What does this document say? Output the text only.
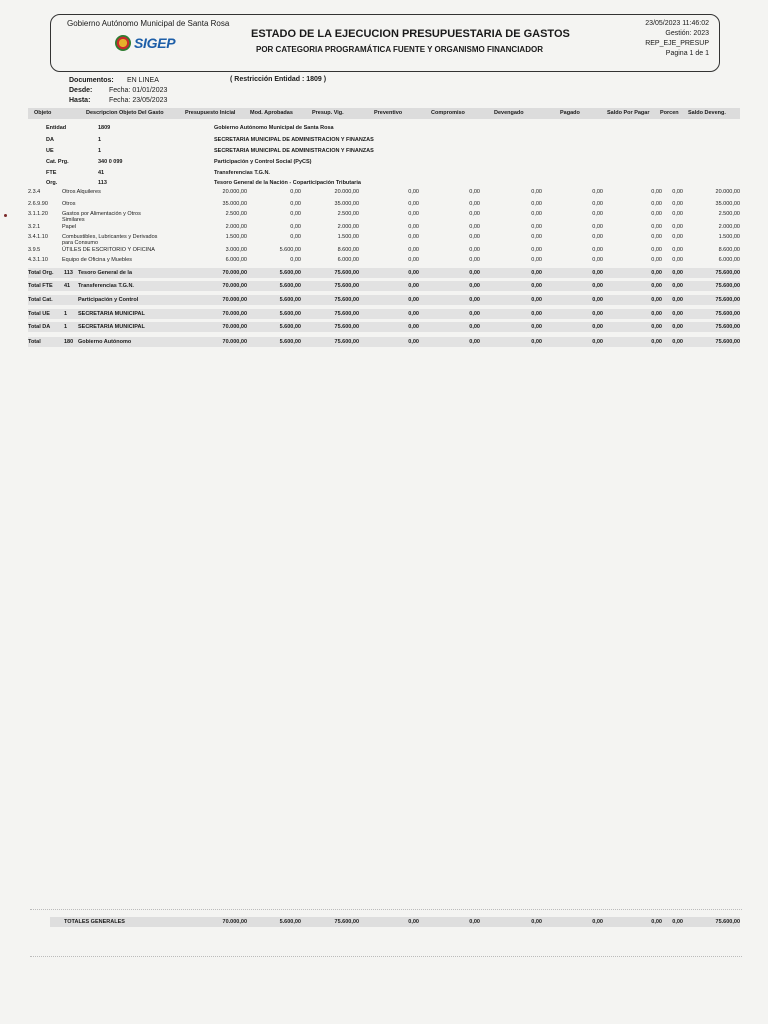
Gobierno Autónomo Municipal de Santa Rosa
SIGEP
ESTADO DE LA EJECUCION PRESUPUESTARIA DE GASTOS
POR CATEGORIA PROGRAMÁTICA FUENTE Y ORGANISMO FINANCIADOR
23/05/2023 11:46:02
Gestión: 2023
REP_EJE_PRESUP
Pagina 1 de 1
Documentos: EN LINEA
Desde:	Fecha: 01/01/2023
Hasta:	Fecha: 23/05/2023
( Restricción Entidad : 1809 )
Objeto	Descripcion Objeto Del Gasto	Presupuesto Inicial	Mod. Aprobadas	Presup. Vig.	Preventivo	Compromiso	Devengado	Pagado	Saldo Por Pagar Porcen Saldo Deveng.
Entidad	1809	Gobierno Autónomo Municipal de Santa Rosa
DA	1	SECRETARIA MUNICIPAL DE ADMINISTRACION Y FINANZAS
UE	1	SECRETARIA MUNICIPAL DE ADMINISTRACION Y FINANZAS
Cat. Prg.	340 0 099	Participación y Control Social (PyCS)
FTE	41	Transferencias T.G.N.
Org.	113	Tesoro General de la Nación - Coparticipación Tributaria
2.3.4	Otros Alquileres	20.000,00	0,00	20.000,00	0,00	0,00	0,00	0,00	0,00 0,00	20.000,00
2.6.9.90	Otros	35.000,00	0,00	35.000,00	0,00	0,00	0,00	0,00	0,00 0,00	35.000,00
3.1.1.20	Gastos por Alimentación y Otros
Similares
2.500,00	0,00	2.500,00	0,00	0,00	0,00	0,00	0,00 0,00	2.500,00
3.2.1	Papel	2.000,00	0,00	2.000,00	0,00	0,00	0,00	0,00	0,00 0,00	2.000,00
3.4.1.10	Combustibles, Lubricantes y Derivados
para Consumo
1.500,00	0,00	1.500,00	0,00	0,00	0,00	0,00	0,00 0,00	1.500,00
3.9.5	ÚTILES DE ESCRITORIO Y OFICINA	3.000,00	5.600,00	8.600,00	0,00	0,00	0,00	0,00	0,00 0,00	8.600,00
4.3.1.10	Equipo de Oficina y Muebles	6.000,00	0,00	6.000,00	0,00	0,00	0,00	0,00	0,00 0,00	6.000,00
Total Org. 113 Tesoro General de la	70.000,00	5.600,00	75.600,00	0,00	0,00	0,00	0,00	0,00 0,00	75.600,00
Total FTE 41 Transferencias T.G.N.	70.000,00	5.600,00	75.600,00	0,00	0,00	0,00	0,00	0,00 0,00	75.600,00
Total Cat.	Participación y Control	70.000,00	5.600,00	75.600,00	0,00	0,00	0,00	0,00	0,00 0,00	75.600,00
Total UE	1 SECRETARIA MUNICIPAL	70.000,00	5.600,00	75.600,00	0,00	0,00	0,00	0,00	0,00 0,00	75.600,00
Total DA	1 SECRETARIA MUNICIPAL	70.000,00	5.600,00	75.600,00	0,00	0,00	0,00	0,00	0,00 0,00	75.600,00
Total	180 Gobierno Autónomo	70.000,00	5.600,00	75.600,00	0,00	0,00	0,00	0,00	0,00 0,00	75.600,00
TOTALES GENERALES	70.000,00	5.600,00	75.600,00	0,00	0,00	0,00	0,00	0,00 0,00	75.600,00
